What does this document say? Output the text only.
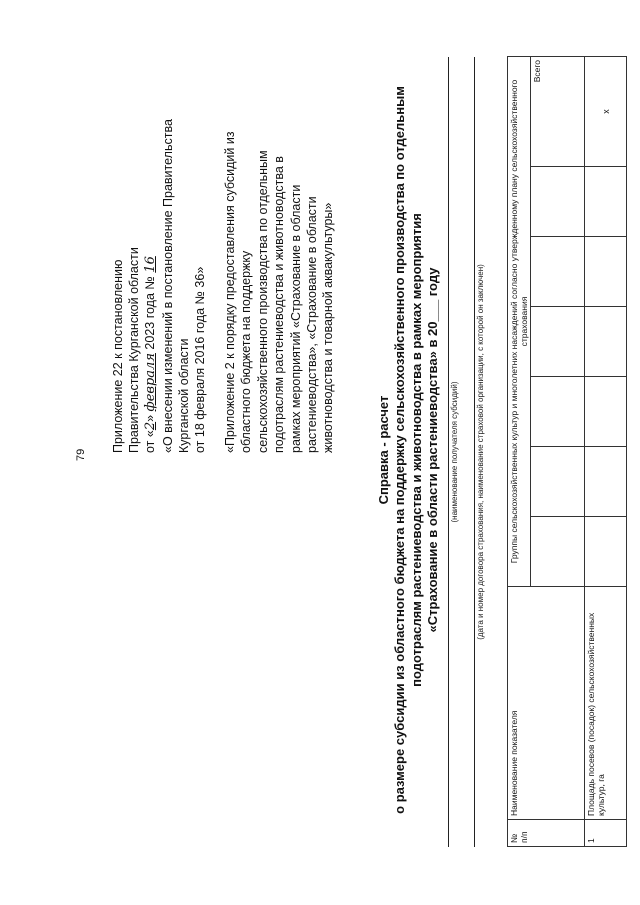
79
Приложение 22 к постановлению Правительства Курганской области от «2» февраля 2023 года № 16
«О внесении изменений в постановление Правительства Курганской области от 18 февраля 2016 года № 36» «Приложение 2 к порядку предоставления субсидий из областного бюджета на поддержку сельскохозяйственного производства по отдельным подотраслям растениеводства и животноводства в рамках мероприятий «Страхование в области растениеводства», «Страхование в области животноводства и товарной аквакультуры»	Справка - расчет о размере субсидии из областного бюджета на поддержку сельскохозяйственного производства по отдельным подотраслям растениеводства и животноводства в рамках мероприятия «Страхование в области растениеводства» в 20___ году (наименование получателя субсидий) (дата и номер договора страхования, наименование страховой организации, с которой он заключен)
№
п/п	Наименование показателя	Группы сельскохозяйственных культур и многолетних насаждений согласно утвержденному плану сельскохозяйственного страхования						
								Всего
1	Площадь посевов (посадок) сельскохозяйственных культур, га							x
